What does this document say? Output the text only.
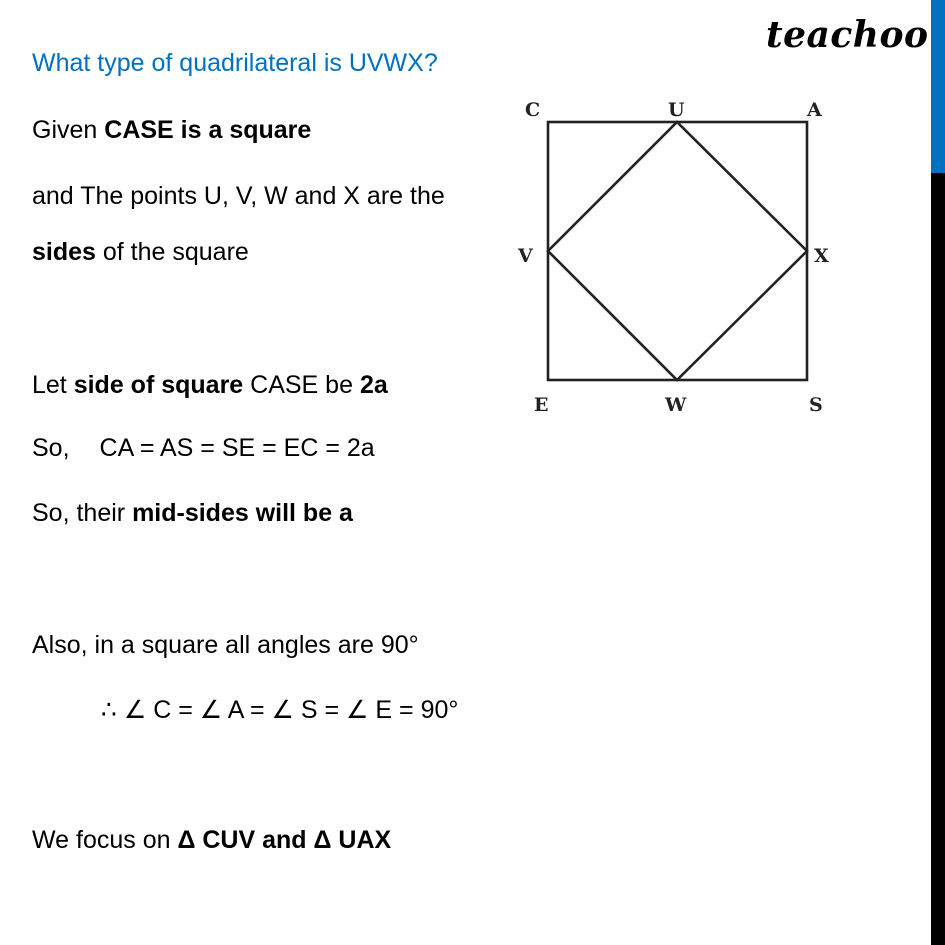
teachoo
What type of quadrilateral is UVWX?
Given CASE is a square
and The points U, V, W and X are the
sides of the square
Let side of square CASE be 2a
So, CA = AS = SE = EC = 2a
So, their mid-sides will be a
Also, in a square all angles are 90°
∴ ∠ C = ∠ A = ∠ S = ∠ E = 90°
We focus on Δ CUV and Δ UAX
C	U	A
V	X
E	W	S
